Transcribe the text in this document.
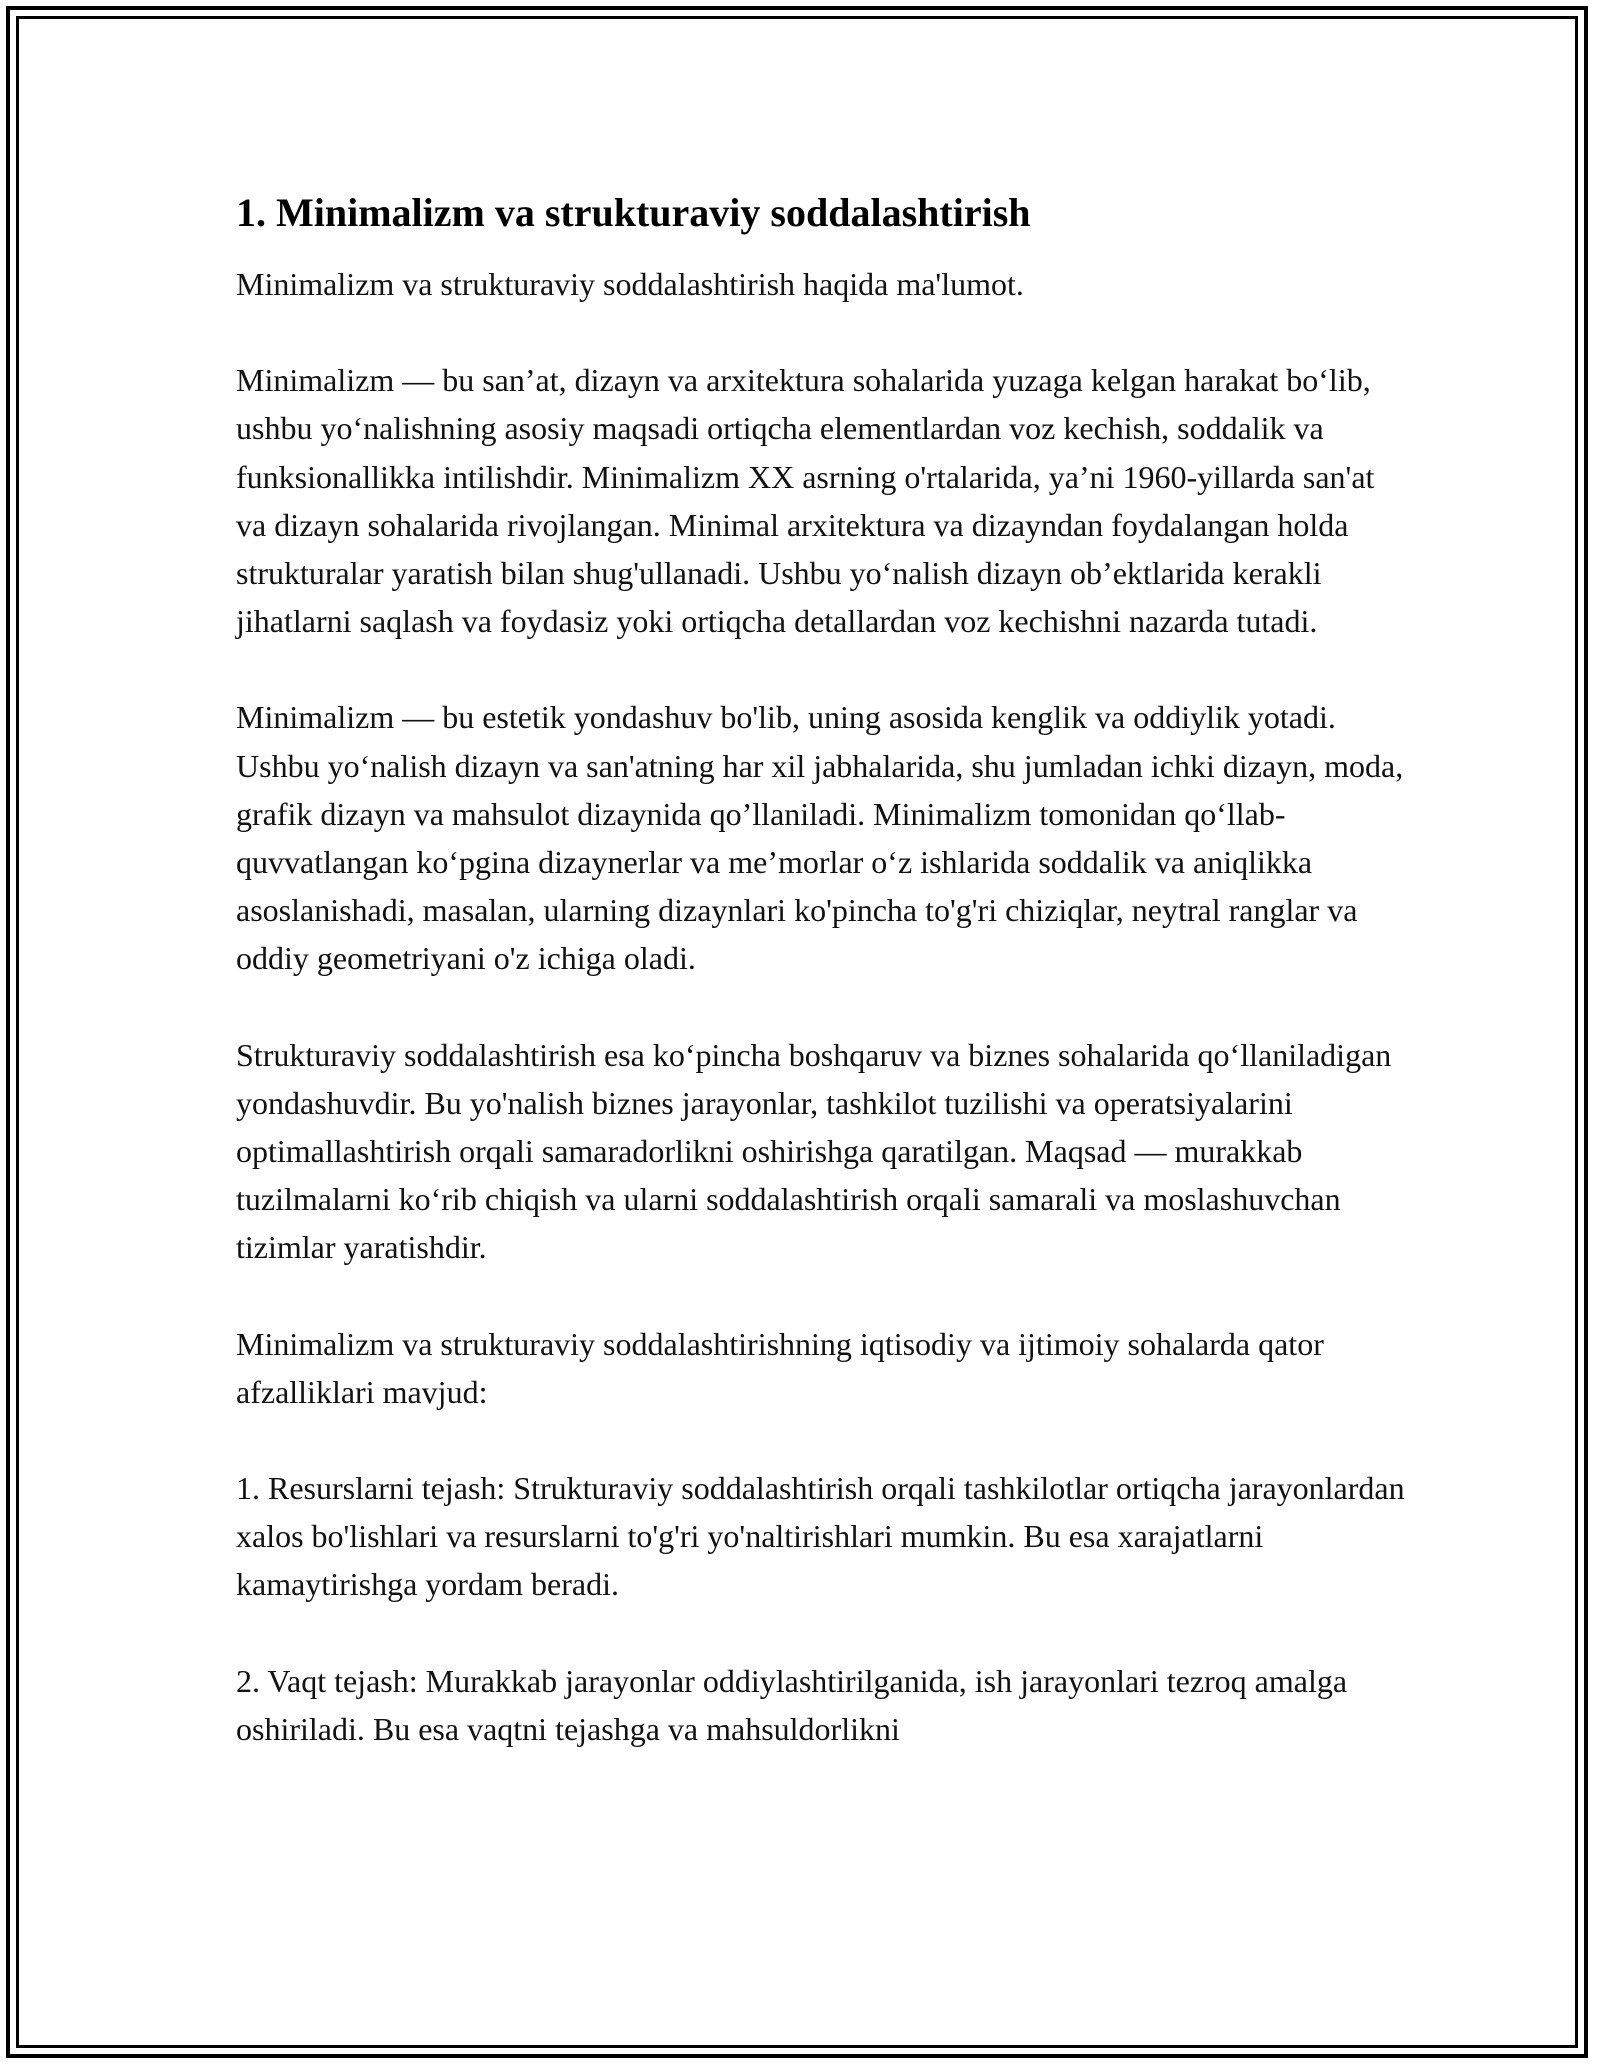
1. Minimalizm va strukturaviy soddalashtirish

Minimalizm va strukturaviy soddalashtirish haqida ma'lumot.

Minimalizm — bu san’at, dizayn va arxitektura sohalarida yuzaga kelgan harakat bo‘lib, ushbu yo‘nalishning asosiy maqsadi ortiqcha elementlardan voz kechish, soddalik va funksionallikka intilishdir. Minimalizm XX asrning o'rtalarida, ya’ni 1960-yillarda san'at va dizayn sohalarida rivojlangan. Minimal arxitektura va dizayndan foydalangan holda strukturalar yaratish bilan shug'ullanadi. Ushbu yo‘nalish dizayn ob’ektlarida kerakli jihatlarni saqlash va foydasiz yoki ortiqcha detallardan voz kechishni nazarda tutadi.

Minimalizm — bu estetik yondashuv bo'lib, uning asosida kenglik va oddiylik yotadi. Ushbu yo‘nalish dizayn va san'atning har xil jabhalarida, shu jumladan ichki dizayn, moda, grafik dizayn va mahsulot dizaynida qo’llaniladi. Minimalizm tomonidan qo‘llab-quvvatlangan ko‘pgina dizaynerlar va me’morlar o‘z ishlarida soddalik va aniqlikka asoslanishadi, masalan, ularning dizaynlari ko'pincha to'g'ri chiziqlar, neytral ranglar va oddiy geometriyani o'z ichiga oladi.

Strukturaviy soddalashtirish esa ko‘pincha boshqaruv va biznes sohalarida qo‘llaniladigan yondashuvdir. Bu yo'nalish biznes jarayonlar, tashkilot tuzilishi va operatsiyalarini optimallashtirish orqali samaradorlikni oshirishga qaratilgan. Maqsad — murakkab tuzilmalarni ko‘rib chiqish va ularni soddalashtirish orqali samarali va moslashuvchan tizimlar yaratishdir.

Minimalizm va strukturaviy soddalashtirishning iqtisodiy va ijtimoiy sohalarda qator afzalliklari mavjud:

1. Resurslarni tejash: Strukturaviy soddalashtirish orqali tashkilotlar ortiqcha jarayonlardan xalos bo'lishlari va resurslarni to'g'ri yo'naltirishlari mumkin. Bu esa xarajatlarni kamaytirishga yordam beradi.

2. Vaqt tejash: Murakkab jarayonlar oddiylashtirilganida, ish jarayonlari tezroq amalga oshiriladi. Bu esa vaqtni tejashga va mahsuldorlikni
